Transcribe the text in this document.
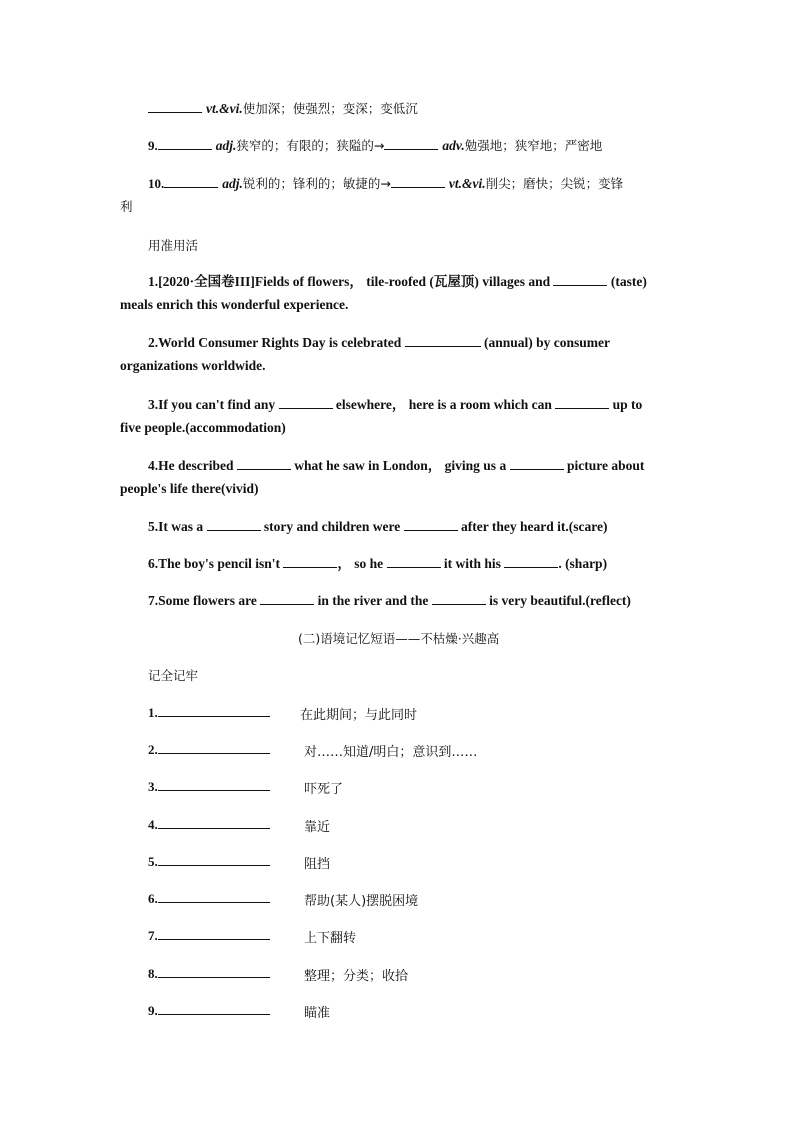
vt.&vi.使加深；使强烈；变深；变低沉
9.	adj.狭窄的；有限的；狭隘的→	adv.勉强地；狭窄地；严密地
10.	adj.锐利的；锋利的；敏捷的→	vt.&vi.削尖；磨快；尖锐；变锋
利
用准用活
1.[2020·全国卷III]Fields of flowers， tile-roofed (瓦屋顶) villages and	(taste)
meals enrich this wonderful experience.
2.World Consumer Rights Day is celebrated	(annual) by consumer
organizations worldwide.
3.If you can't find any	elsewhere， here is a room which can	up to
five people.(accommodation)
4.He described	what he saw in London， giving us a	picture about
people's life there(vivid)
5.It was a	story and children were	after they heard it.(scare)
6.The boy's pencil isn't	， so he	it with his	. (sharp)
7.Some flowers are	in the river and the	is very beautiful.(reflect)
(二)语境记忆短语——不枯燥·兴趣高
记全记牢
1.	在此期间；与此同时
2.	对……知道/明白；意识到……
3.	吓死了
4.	靠近
5.	阻挡
6.	帮助(某人)摆脱困境
7.	上下翻转
8.	整理；分类；收拾
9.	瞄准
